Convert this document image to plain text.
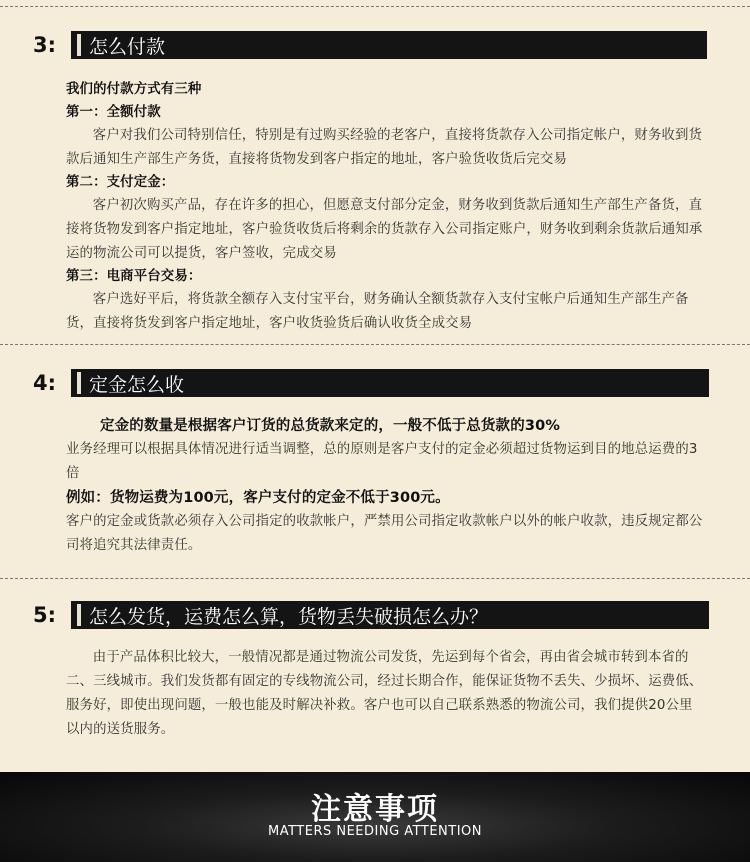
3:	怎么付款

我们的付款方式有三种

第一：全额付款

客户对我们公司特别信任，特别是有过购买经验的老客户，直接将货款存入公司指定帐户，财务收到货款后通知生产部生产务货，直接将货物发到客户指定的地址，客户验货收货后完交易

第二：支付定金：

客户初次购买产品，存在许多的担心，但愿意支付部分定金，财务收到货款后通知生产部生产备货，直接将货物发到客户指定地址，客户验货收货后将剩余的货款存入公司指定账户，财务收到剩余货款后通知承运的物流公司可以提货，客户签收，完成交易

第三：电商平台交易：

客户选好平后，将货款全额存入支付宝平台，财务确认全额货款存入支付宝帐户后通知生产部生产备货，直接将货发到客户指定地址，客户收货验货后确认收货全成交易

4:	定金怎么收

定金的数量是根据客户订货的总货款来定的，一般不低于总货款的30%

业务经理可以根据具体情况进行适当调整，总的原则是客户支付的定金必须超过货物运到目的地总运费的3倍

例如：货物运费为100元，客户支付的定金不低于300元。

客户的定金或货款必须存入公司指定的收款帐户，严禁用公司指定收款帐户以外的帐户收款，违反规定都公司将追究其法律责任。

5:	怎么发货，运费怎么算，货物丢失破损怎么办？

由于产品体积比较大，一般情况都是通过物流公司发货，先运到每个省会，再由省会城市转到本省的二、三线城市。我们发货都有固定的专线物流公司，经过长期合作，能保证货物不丢失、少损坏、运费低、服务好，即使出现问题，一般也能及时解决补救。客户也可以自己联系熟悉的物流公司，我们提供20公里以内的送货服务。

注意事项
MATTERS NEEDING ATTENTION
